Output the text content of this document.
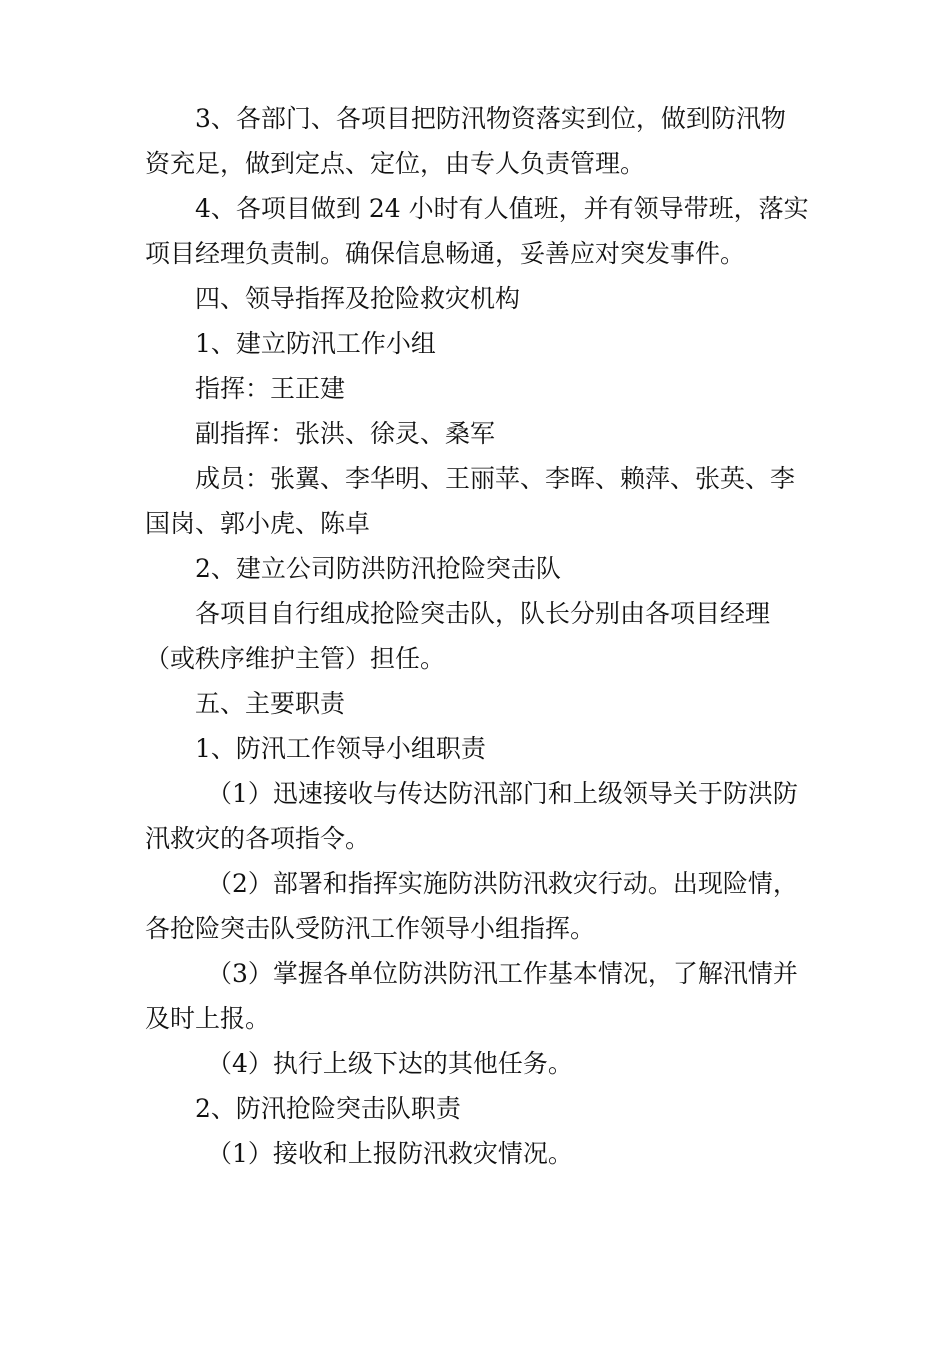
3、各部门、各项目把防汛物资落实到位，做到防汛物资充足，做到定点、定位，由专人负责管理。

4、各项目做到 24 小时有人值班，并有领导带班，落实项目经理负责制。确保信息畅通，妥善应对突发事件。

四、领导指挥及抢险救灾机构

1、建立防汛工作小组

指挥：王正建

副指挥：张洪、徐灵、桑军

成员：张翼、李华明、王丽苹、李晖、赖萍、张英、李国岗、郭小虎、陈卓

2、建立公司防洪防汛抢险突击队

各项目自行组成抢险突击队，队长分别由各项目经理（或秩序维护主管）担任。

五、主要职责

1、防汛工作领导小组职责

（1）迅速接收与传达防汛部门和上级领导关于防洪防汛救灾的各项指令。

（2）部署和指挥实施防洪防汛救灾行动。出现险情，各抢险突击队受防汛工作领导小组指挥。

（3）掌握各单位防洪防汛工作基本情况，了解汛情并及时上报。

（4）执行上级下达的其他任务。

2、防汛抢险突击队职责

（1）接收和上报防汛救灾情况。
